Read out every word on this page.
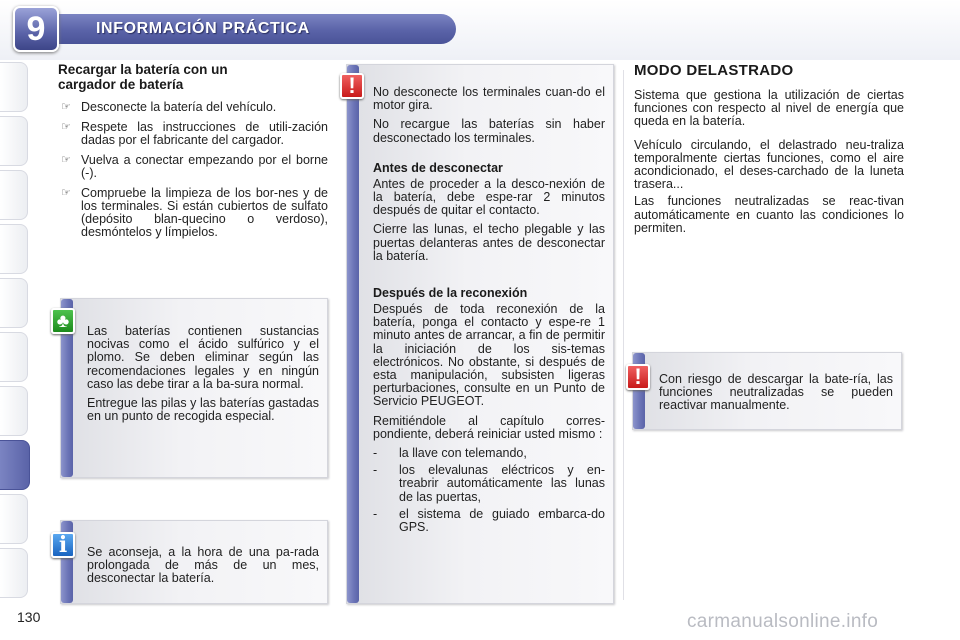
9	INFORMACIÓN PRÁCTICA
Recargar la batería con un
cargador de batería
☞ Desconecte la batería del vehículo.
☞ Respete las instrucciones de utili-zación dadas por el fabricante del cargador.
☞ Vuelva a conectar empezando por el borne (-).
☞ Compruebe la limpieza de los bor-nes y de los terminales. Si están cubiertos de sulfato (depósito blan-quecino o verdoso), desmóntelos y límpielos.

Las baterías contienen sustancias nocivas como el ácido sulfúrico y el plomo. Se deben eliminar según las recomendaciones legales y en ningún caso las debe tirar a la ba-sura normal.

Entregue las pilas y las baterías gastadas en un punto de recogida especial.

♣

Se aconseja, a la hora de una pa-rada prolongada de más de un mes, desconectar la batería.

i

No desconecte los terminales cuan-do el motor gira.

No recargue las baterías sin haber desconectado los terminales.

Antes de desconectar

Antes de proceder a la desco-nexión de la batería, debe espe-rar 2 minutos después de quitar el contacto.

Cierre las lunas, el techo plegable y las puertas delanteras antes de desconectar la batería.

Después de la reconexión

Después de toda reconexión de la batería, ponga el contacto y espe-re 1 minuto antes de arrancar, a fin de permitir la iniciación de los sis-temas electrónicos. No obstante, si después de esta manipulación, subsisten ligeras perturbaciones, consulte en un Punto de Servicio PEUGEOT.

Remitiéndole al capítulo corres-pondiente, deberá reiniciar usted mismo :

- la llave con telemando,
- los elevalunas eléctricos y en-treabrir automáticamente las lunas de las puertas,
- el sistema de guiado embarca-do GPS.
!
MODO DELASTRADO

Sistema que gestiona la utilización de ciertas funciones con respecto al nivel de energía que queda en la batería.

Vehículo circulando, el delastrado neu-traliza temporalmente ciertas funciones, como el aire acondicionado, el deses-carchado de la luneta trasera...

Las funciones neutralizadas se reac-tivan automáticamente en cuanto las condiciones lo permiten.

Con riesgo de descargar la bate-ría, las funciones neutralizadas se pueden reactivar manualmente.

!
130	carmanualsonline.info
